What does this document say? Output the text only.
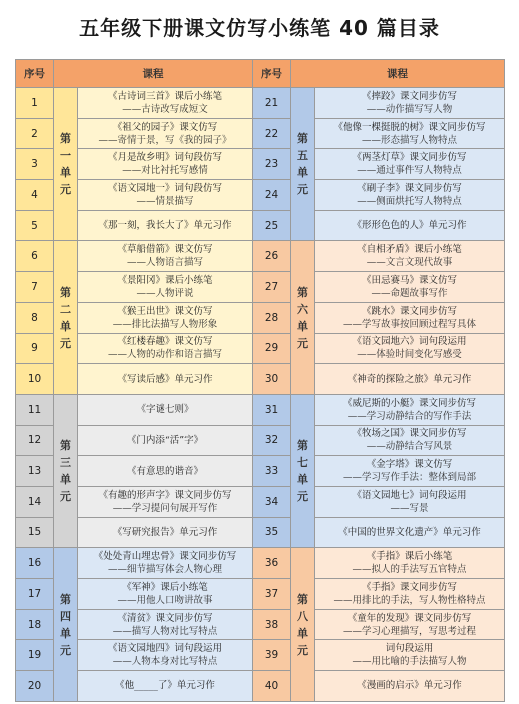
五年级下册课文仿写小练笔 40 篇目录
序号	课程		序号	课程	
1	第
一
单
元	《古诗词三首》课后小练笔
——古诗改写成短文	21	第
五
单
元	《摔跤》课文同步仿写
——动作描写写人物

2		《祖父的园子》课文仿写
——寄情于景，写《我的园子》	22		《他像一棵挺脱的树》课文同步仿写
——形态描写人物特点

3		《月是故乡明》词句段仿写
——对比衬托写感情	23		《两茎灯草》课文同步仿写
——通过事件写人物特点

4		《语文园地一》词句段仿写
——情景描写	24		《刷子李》课文同步仿写
——侧面烘托写人物特点

5		《那一刻，我长大了》单元习作	25		《形形色色的人》单元习作

6	第
二
单
元	《草船借箭》课文仿写
——人物语言描写	26	第
六
单
元	《自相矛盾》课后小练笔
——文言文现代故事

7		《景阳冈》课后小练笔
——人物评说	27		《田忌赛马》课文仿写
——命题故事写作

8		《猴王出世》课文仿写
——排比法描写人物形象	28		《跳水》课文同步仿写
——学写故事按回顾过程写具体

9		《红楼春趣》课文仿写
——人物的动作和语言描写	29		《语文园地六》词句段运用
——体验时间变化写感受

10		《写读后感》单元习作	30		《神奇的探险之旅》单元习作

11	第
三
单
元	《字谜七则》	31	第
七
单
元	《威尼斯的小艇》课文同步仿写
——学习动静结合的写作手法

12		《门内添“活”字》	32		《牧场之国》课文同步仿写
——动静结合写风景

13		《有意思的谐音》	33		《金字塔》课文仿写
——学习写作手法：整体到局部

14		《有趣的形声字》课文同步仿写
——学习提问句展开写作	34		《语文园地七》词句段运用
——写景

15		《写研究报告》单元习作	35		《中国的世界文化遗产》单元习作

16	第
四
单
元	《处处青山埋忠骨》课文同步仿写
——细节描写体会人物心理	36	第
八
单
元	《手指》课后小练笔
——拟人的手法写五官特点

17		《军神》课后小练笔
——用他人口吻讲故事	37		《手指》课文同步仿写
——用排比的手法，写人物性格特点

18		《清贫》课文同步仿写
——描写人物对比写特点	38		《童年的发现》课文同步仿写
——学习心理描写，写思考过程

19		《语文园地四》词句段运用
——人物本身对比写特点	39		词句段运用
——用比喻的手法描写人物

20		《他_____了》单元习作	40		《漫画的启示》单元习作
